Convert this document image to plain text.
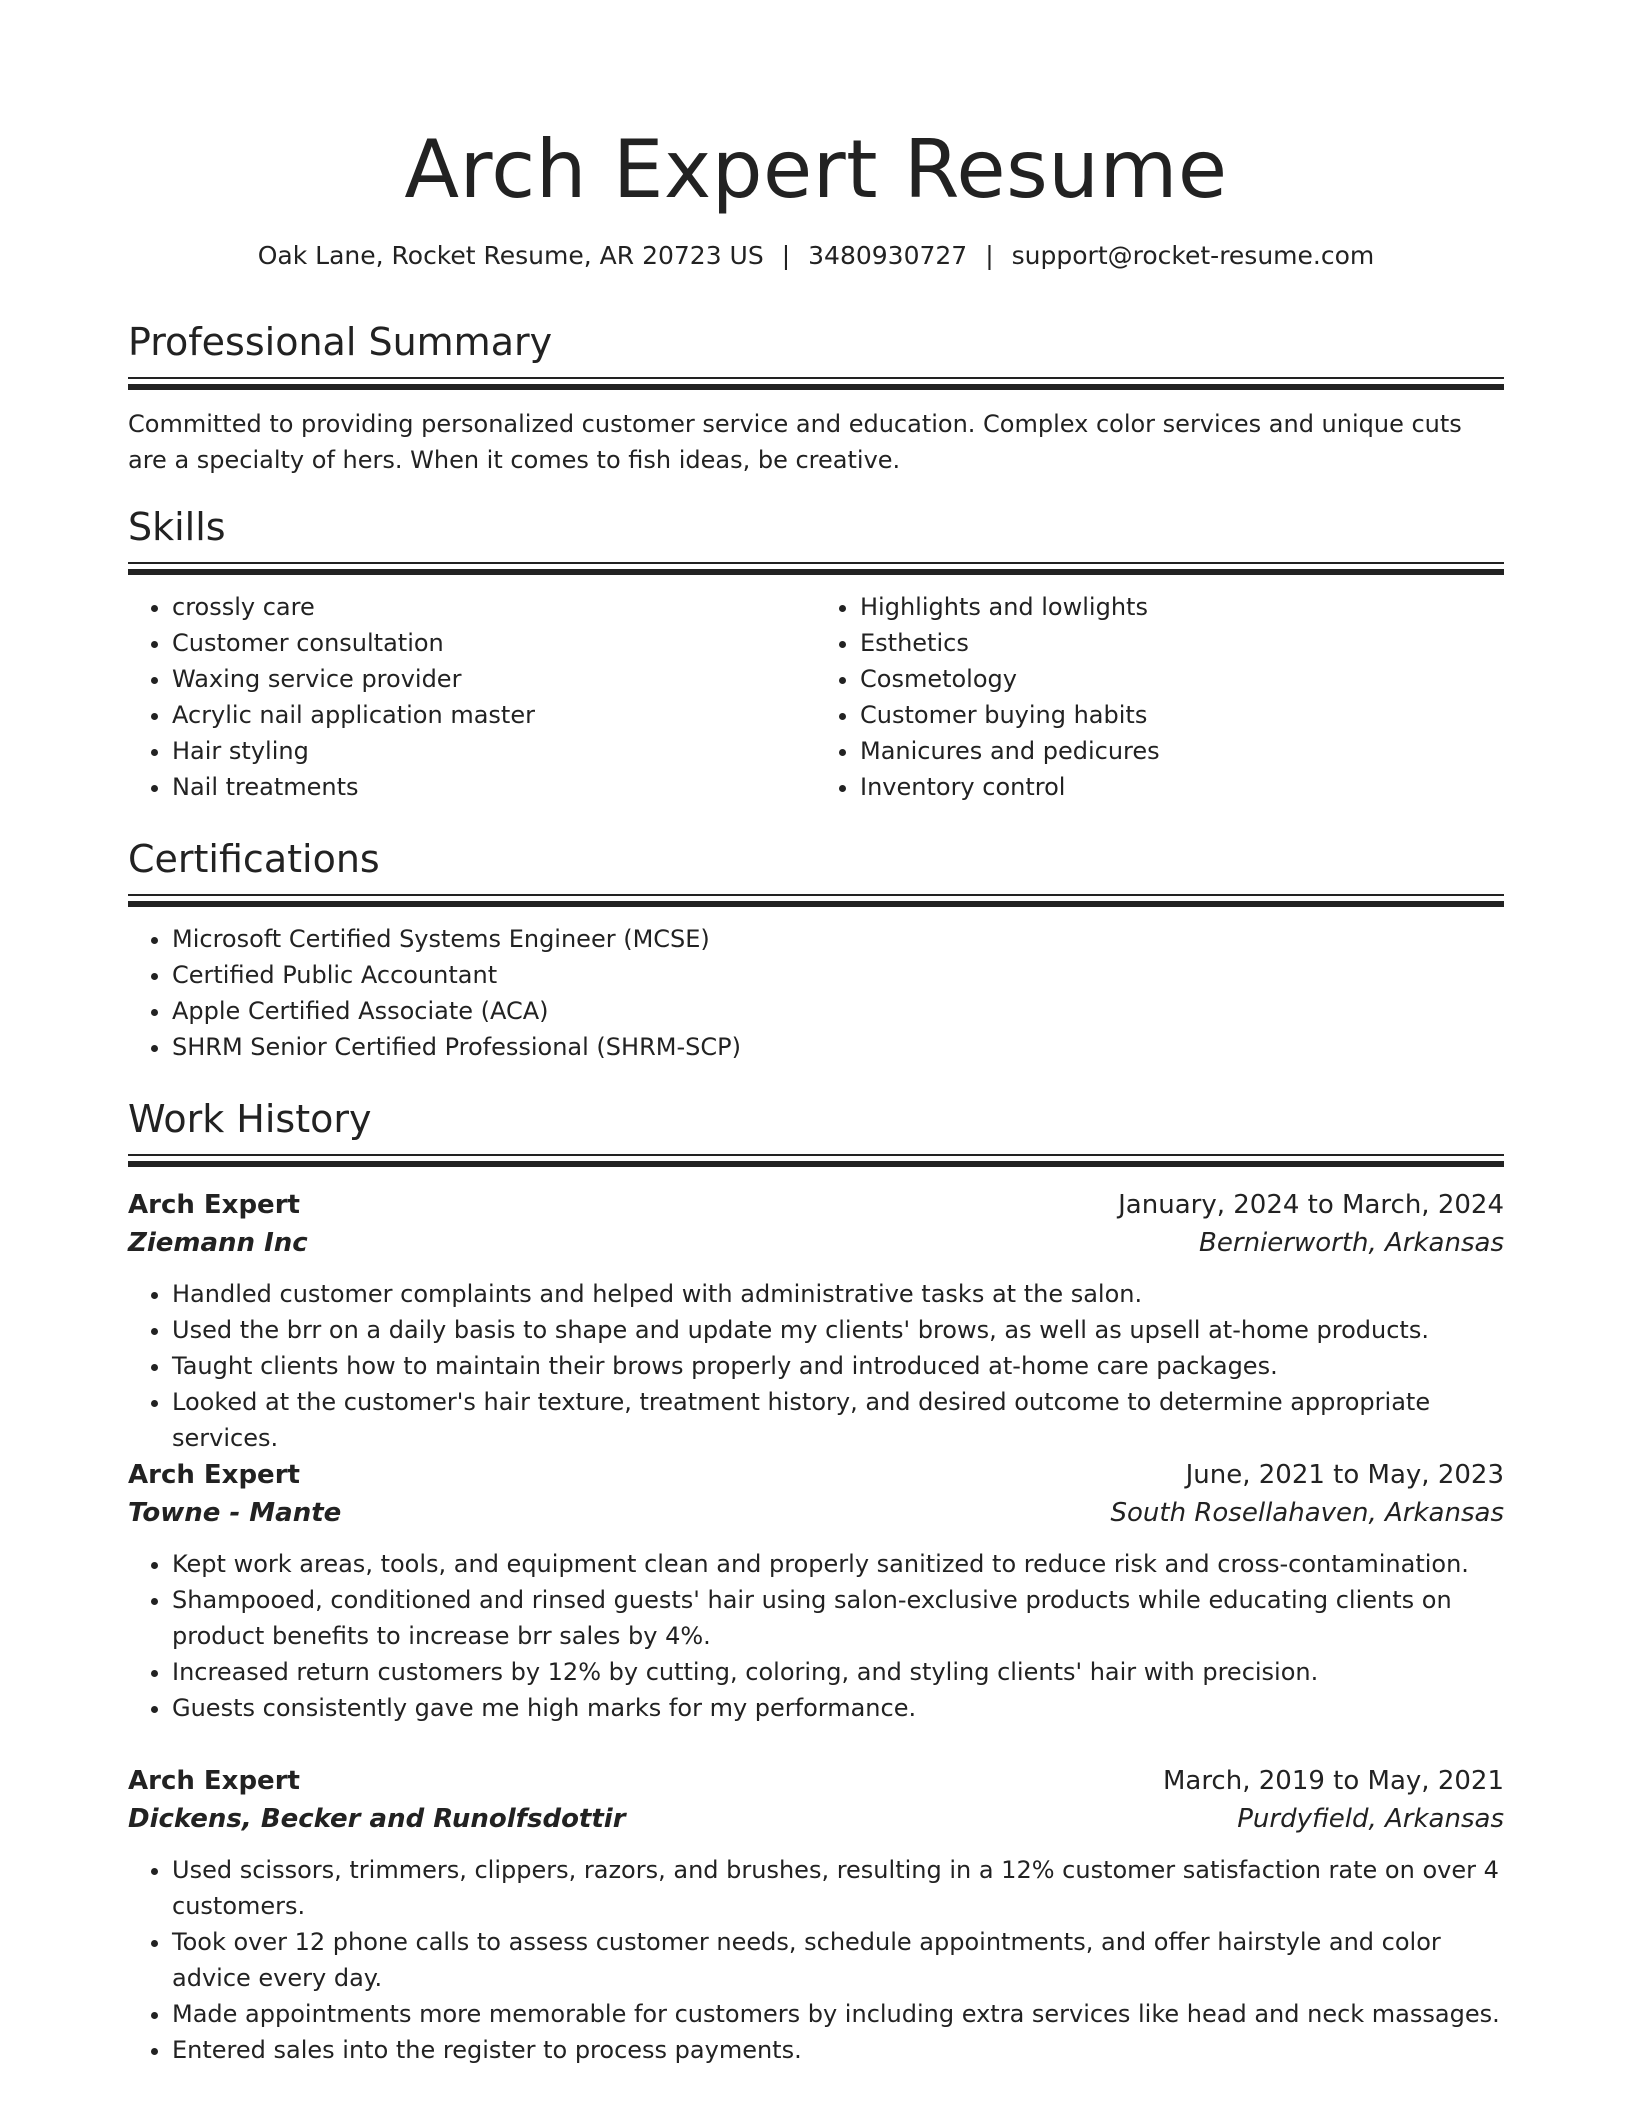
Arch Expert Resume
Oak Lane, Rocket Resume, AR 20723 US | 3480930727 | support@rocket-resume.com
Professional Summary
Committed to providing personalized customer service and education. Complex color services and unique cuts are a specialty of hers. When it comes to fish ideas, be creative.
Skills
• crossly care
• Customer consultation
• Waxing service provider
• Acrylic nail application master
• Hair styling
• Nail treatments
• Highlights and lowlights
• Esthetics
• Cosmetology
• Customer buying habits
• Manicures and pedicures
• Inventory control
Certifications
• Microsoft Certified Systems Engineer (MCSE)
• Certified Public Accountant
• Apple Certified Associate (ACA)
• SHRM Senior Certified Professional (SHRM-SCP)
Work History
Arch Expert	January, 2024 to March, 2024
Ziemann Inc	Bernierworth, Arkansas
• Handled customer complaints and helped with administrative tasks at the salon.
• Used the brr on a daily basis to shape and update my clients' brows, as well as upsell at-home products.
• Taught clients how to maintain their brows properly and introduced at-home care packages.
• Looked at the customer's hair texture, treatment history, and desired outcome to determine appropriate services.
Arch Expert	June, 2021 to May, 2023
Towne - Mante	South Rosellahaven, Arkansas
• Kept work areas, tools, and equipment clean and properly sanitized to reduce risk and cross-contamination.
• Shampooed, conditioned and rinsed guests' hair using salon-exclusive products while educating clients on product benefits to increase brr sales by 4%.
• Increased return customers by 12% by cutting, coloring, and styling clients' hair with precision.
• Guests consistently gave me high marks for my performance.
Arch Expert	March, 2019 to May, 2021
Dickens, Becker and Runolfsdottir	Purdyfield, Arkansas
• Used scissors, trimmers, clippers, razors, and brushes, resulting in a 12% customer satisfaction rate on over 4 customers.
• Took over 12 phone calls to assess customer needs, schedule appointments, and offer hairstyle and color advice every day.
• Made appointments more memorable for customers by including extra services like head and neck massages.
• Entered sales into the register to process payments.
